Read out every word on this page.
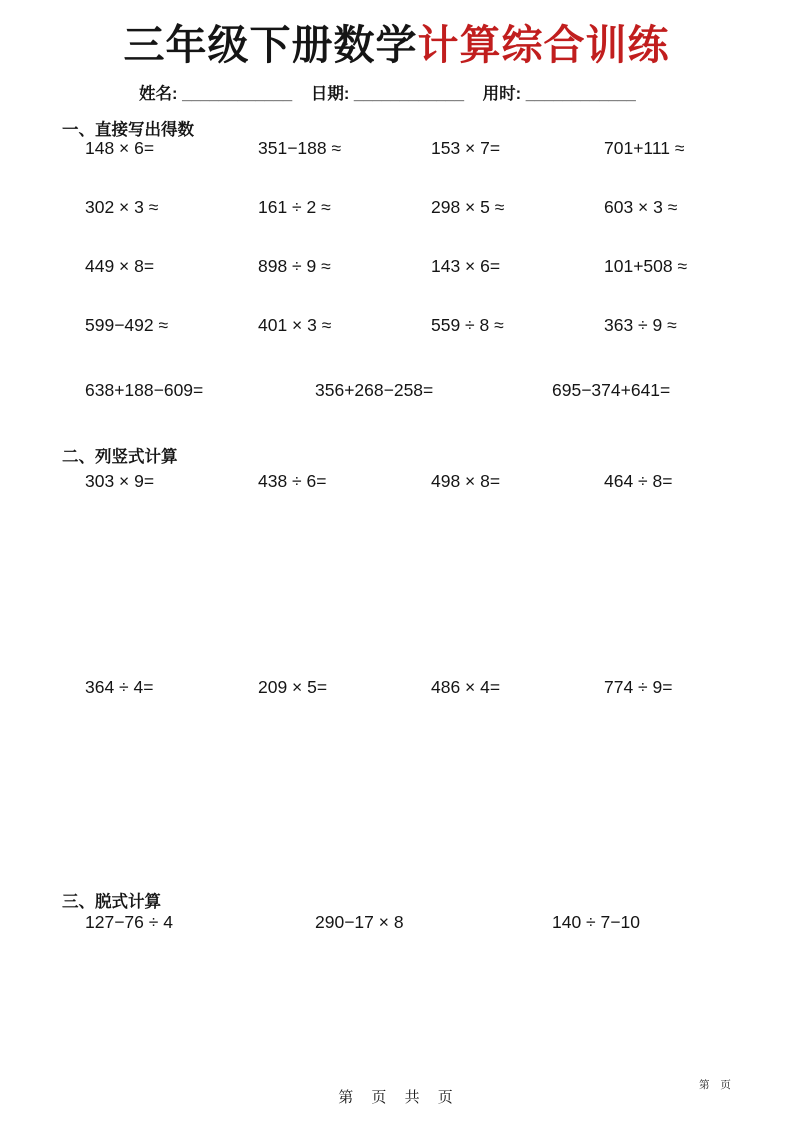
三年级下册数学计算综合训练
姓名: ____________ 日期: ____________ 用时: ____________
一、直接写出得数
148 × 6=	351−188 ≈	153 × 7=	701+111 ≈
302 × 3 ≈	161 ÷ 2 ≈	298 × 5 ≈	603 × 3 ≈
449 × 8=	898 ÷ 9 ≈	143 × 6=	101+508 ≈
599−492 ≈	401 × 3 ≈	559 ÷ 8 ≈	363 ÷ 9 ≈
638+188−609=	356+268−258=	695−374+641=
二、列竖式计算
303 × 9=	438 ÷ 6=	498 × 8=	464 ÷ 8=
364 ÷ 4=	209 × 5=	486 × 4=	774 ÷ 9=
三、脱式计算
127−76 ÷ 4	290−17 × 8	140 ÷ 7−10
第 页 共 页
第 页
